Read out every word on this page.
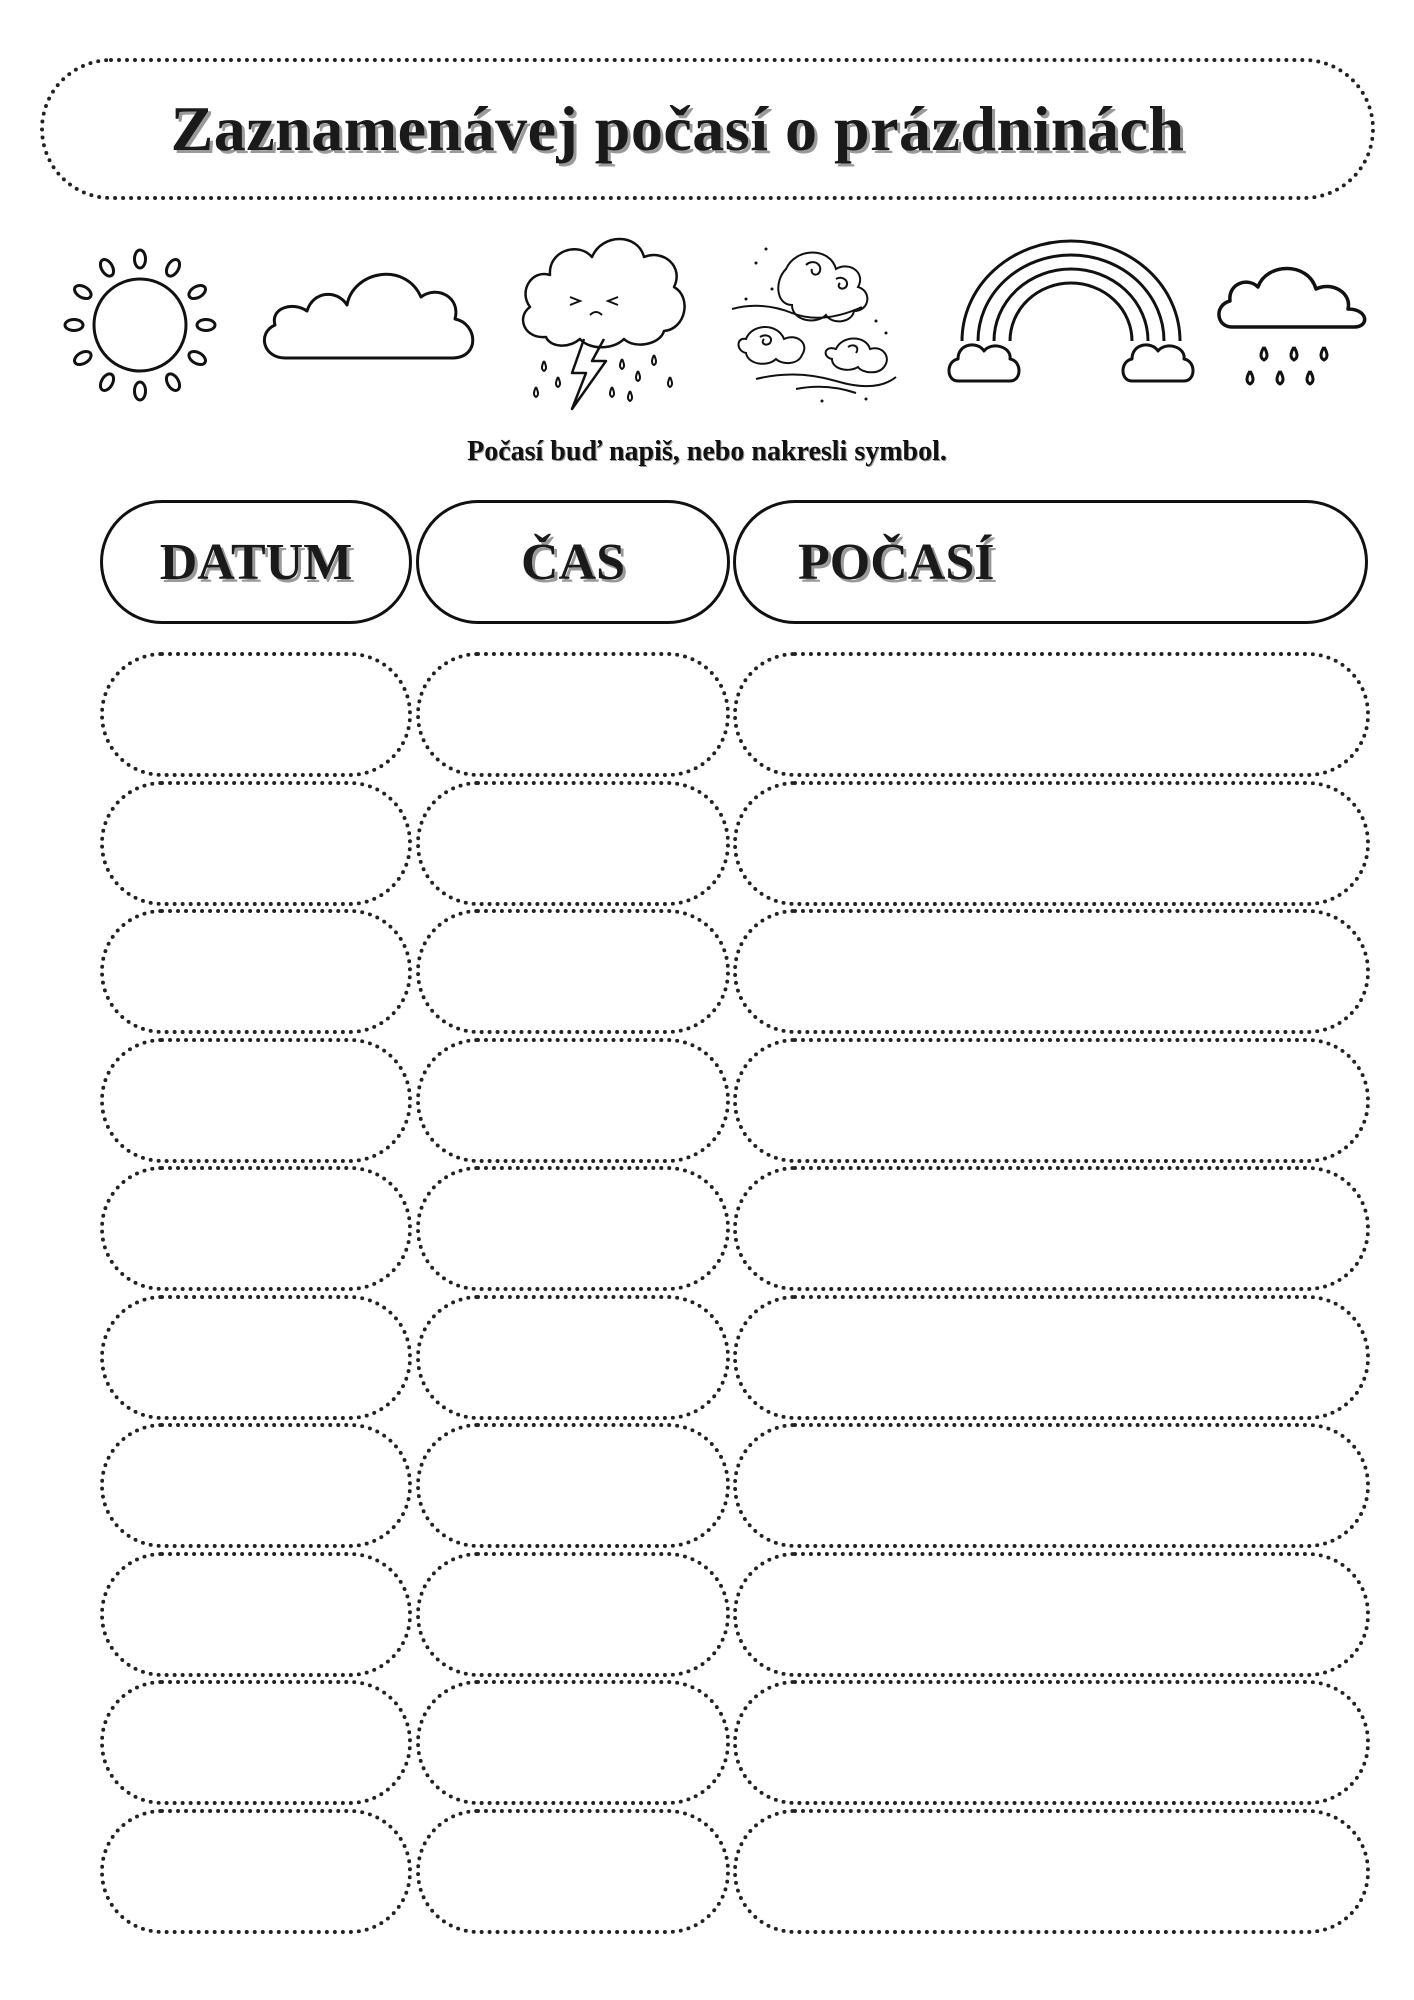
Zaznamenávej počasí o prázdninách
Počasí buď napiš, nebo nakresli symbol.
DATUM	ČAS	POČASÍ
